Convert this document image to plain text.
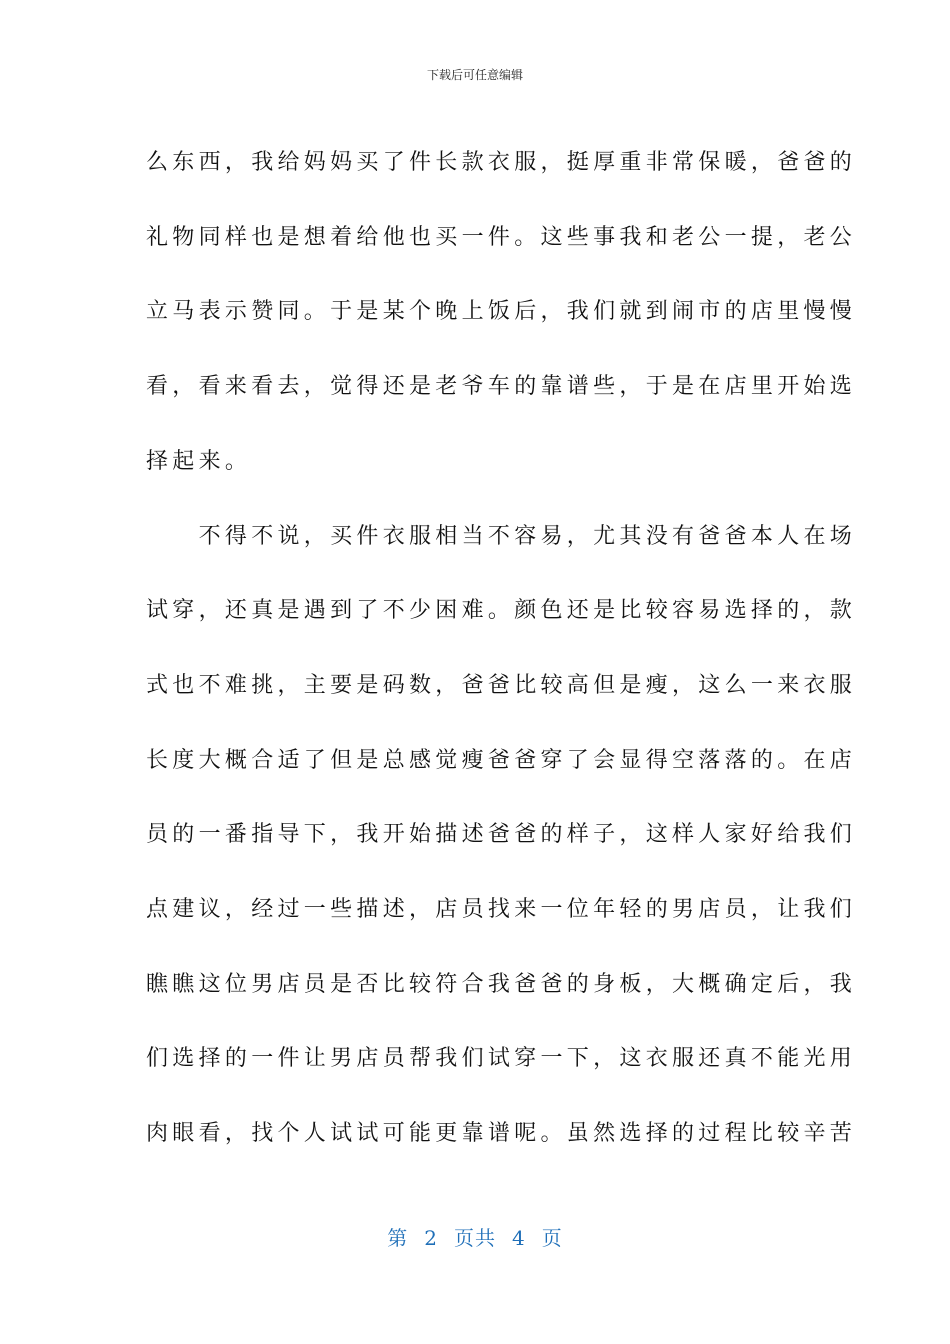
下载后可任意编辑

么东西，我给妈妈买了件长款衣服，挺厚重非常保暖，爸爸的
礼物同样也是想着给他也买一件。这些事我和老公一提，老公
立马表示赞同。于是某个晚上饭后，我们就到闹市的店里慢慢
看，看来看去，觉得还是老爷车的靠谱些，于是在店里开始选
择起来。

　　不得不说，买件衣服相当不容易，尤其没有爸爸本人在场
试穿，还真是遇到了不少困难。颜色还是比较容易选择的，款
式也不难挑，主要是码数，爸爸比较高但是瘦，这么一来衣服
长度大概合适了但是总感觉瘦爸爸穿了会显得空落落的。在店
员的一番指导下，我开始描述爸爸的样子，这样人家好给我们
点建议，经过一些描述，店员找来一位年轻的男店员，让我们
瞧瞧这位男店员是否比较符合我爸爸的身板，大概确定后，我
们选择的一件让男店员帮我们试穿一下，这衣服还真不能光用
肉眼看，找个人试试可能更靠谱呢。虽然选择的过程比较辛苦

第 2 页共 4 页
